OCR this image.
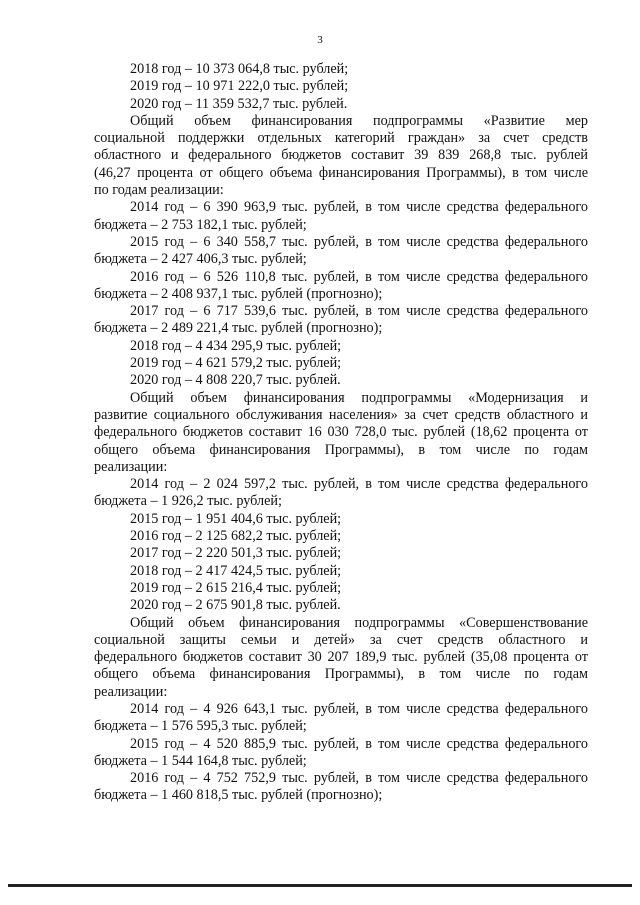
3
2018 год – 10 373 064,8 тыс. рублей;
2019 год – 10 971 222,0 тыс. рублей;
2020 год – 11 359 532,7 тыс. рублей.
Общий объем финансирования подпрограммы «Развитие мер
социальной поддержки отдельных категорий граждан» за счет средств
областного и федерального бюджетов составит 39 839 268,8 тыс. рублей
(46,27 процента от общего объема финансирования Программы), в том числе
по годам реализации:
2014 год – 6 390 963,9 тыс. рублей, в том числе средства федерального
бюджета – 2 753 182,1 тыс. рублей;
2015 год – 6 340 558,7 тыс. рублей, в том числе средства федерального
бюджета – 2 427 406,3 тыс. рублей;
2016 год – 6 526 110,8 тыс. рублей, в том числе средства федерального
бюджета – 2 408 937,1 тыс. рублей (прогнозно);
2017 год – 6 717 539,6 тыс. рублей, в том числе средства федерального
бюджета – 2 489 221,4 тыс. рублей (прогнозно);
2018 год – 4 434 295,9 тыс. рублей;
2019 год – 4 621 579,2 тыс. рублей;
2020 год – 4 808 220,7 тыс. рублей.
Общий объем финансирования подпрограммы «Модернизация и
развитие социального обслуживания населения» за счет средств областного и
федерального бюджетов составит 16 030 728,0 тыс. рублей (18,62 процента от
общего объема финансирования Программы), в том числе по годам
реализации:
2014 год – 2 024 597,2 тыс. рублей, в том числе средства федерального
бюджета – 1 926,2 тыс. рублей;
2015 год – 1 951 404,6 тыс. рублей;
2016 год – 2 125 682,2 тыс. рублей;
2017 год – 2 220 501,3 тыс. рублей;
2018 год – 2 417 424,5 тыс. рублей;
2019 год – 2 615 216,4 тыс. рублей;
2020 год – 2 675 901,8 тыс. рублей.
Общий объем финансирования подпрограммы «Совершенствование
социальной защиты семьи и детей» за счет средств областного и
федерального бюджетов составит 30 207 189,9 тыс. рублей (35,08 процента от
общего объема финансирования Программы), в том числе по годам
реализации:
2014 год – 4 926 643,1 тыс. рублей, в том числе средства федерального
бюджета – 1 576 595,3 тыс. рублей;
2015 год – 4 520 885,9 тыс. рублей, в том числе средства федерального
бюджета – 1 544 164,8 тыс. рублей;
2016 год – 4 752 752,9 тыс. рублей, в том числе средства федерального
бюджета – 1 460 818,5 тыс. рублей (прогнозно);
